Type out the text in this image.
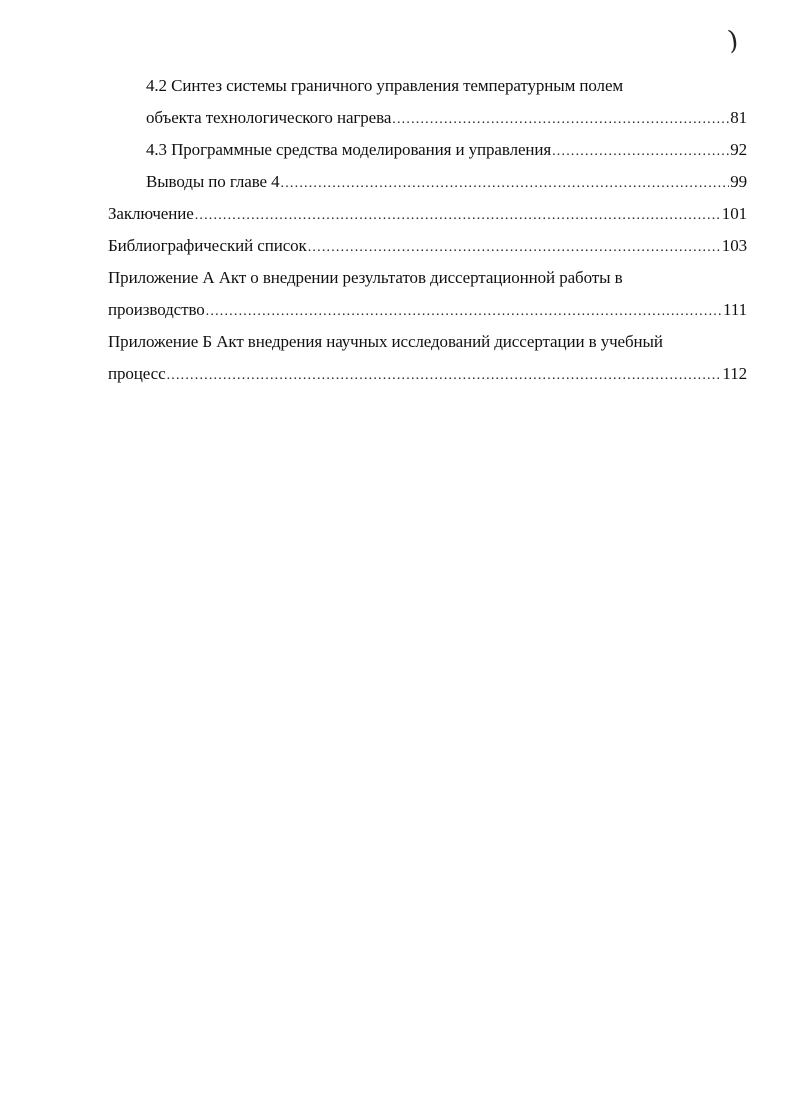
)
4.2 Синтез системы граничного управления температурным полем
объекта технологического нагрева .....	81
4.3 Программные средства моделирования и управления .....	92
Выводы по главе 4 .....	99
Заключение .....	101
Библиографический список .....	103
Приложение А Акт о внедрении результатов диссертационной работы в
производство .....	111
Приложение Б Акт внедрения научных исследований диссертации в учебный
процесс .....	112
